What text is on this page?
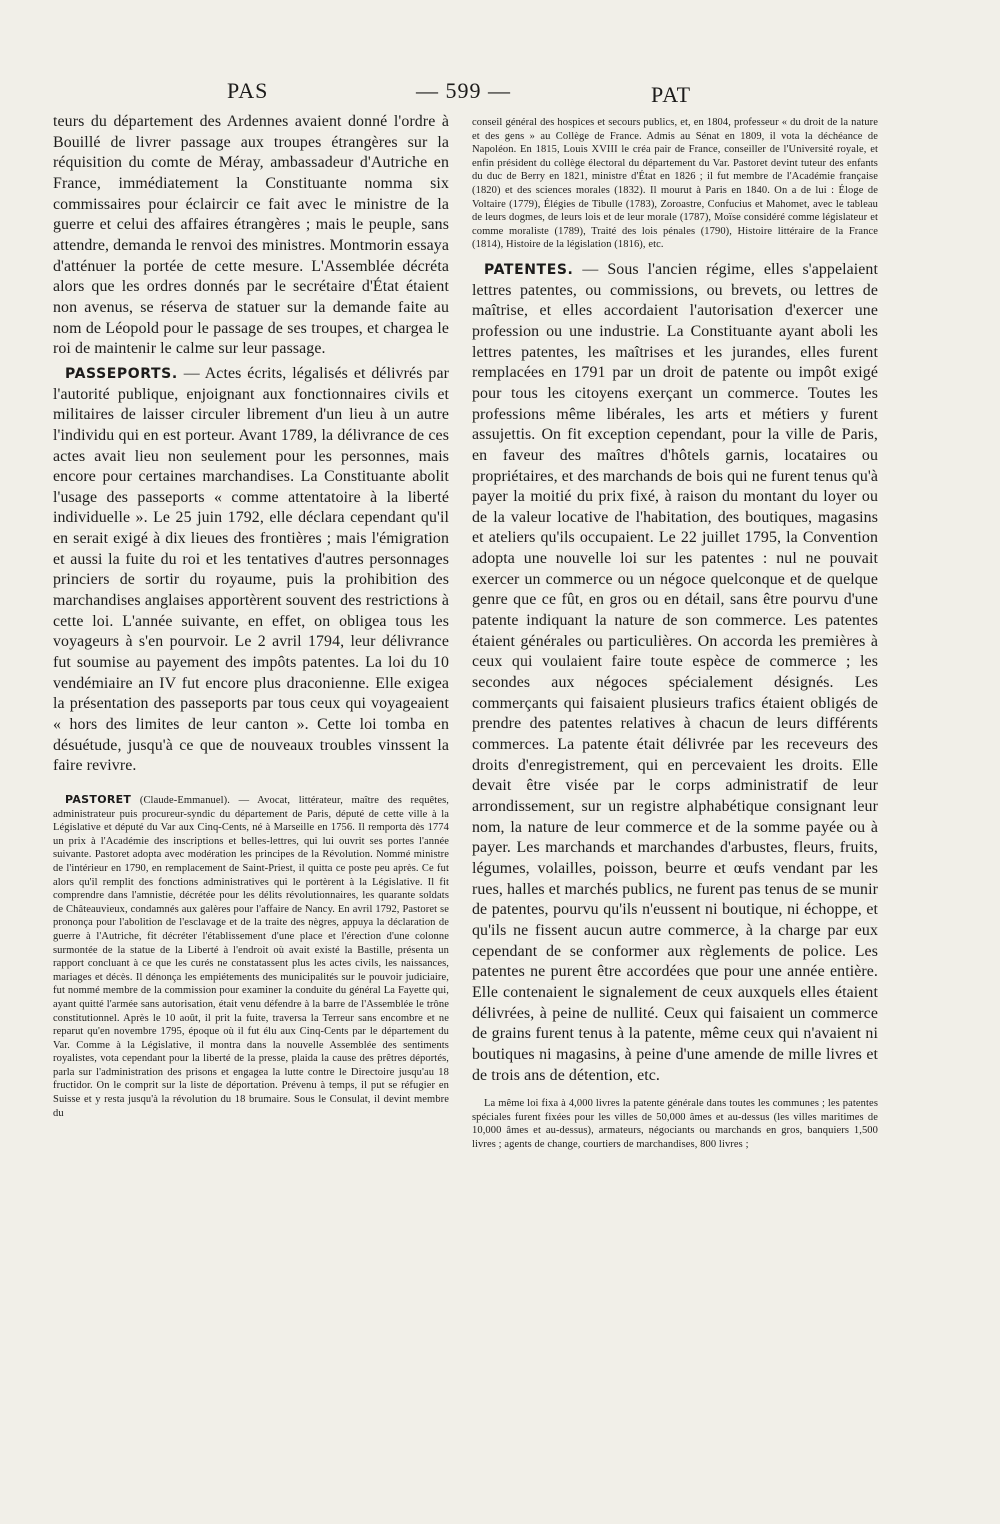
PAS	— 599 —	PAT

teurs du département des Ardennes avaient donné l'ordre à Bouillé de livrer passage aux troupes étrangères sur la réquisition du comte de Méray, ambassadeur d'Autriche en France, immédiatement la Constituante nomma six commissaires pour éclaircir ce fait avec le ministre de la guerre et celui des affaires étrangères ; mais le peuple, sans attendre, demanda le renvoi des ministres. Montmorin essaya d'atténuer la portée de cette mesure. L'Assemblée décréta alors que les ordres donnés par le secrétaire d'État étaient non avenus, se réserva de statuer sur la demande faite au nom de Léopold pour le passage de ses troupes, et chargea le roi de maintenir le calme sur leur passage.

PASSEPORTS. — Actes écrits, légalisés et délivrés par l'autorité publique, enjoignant aux fonctionnaires civils et militaires de laisser circuler librement d'un lieu à un autre l'individu qui en est porteur. Avant 1789, la délivrance de ces actes avait lieu non seulement pour les personnes, mais encore pour certaines marchandises. La Constituante abolit l'usage des passeports « comme attentatoire à la liberté individuelle ». Le 25 juin 1792, elle déclara cependant qu'il en serait exigé à dix lieues des frontières ; mais l'émigration et aussi la fuite du roi et les tentatives d'autres personnages princiers de sortir du royaume, puis la prohibition des marchandises anglaises apportèrent souvent des restrictions à cette loi. L'année suivante, en effet, on obligea tous les voyageurs à s'en pourvoir. Le 2 avril 1794, leur délivrance fut soumise au payement des impôts patentes. La loi du 10 vendémiaire an IV fut encore plus draconienne. Elle exigea la présentation des passeports par tous ceux qui voyageaient « hors des limites de leur canton ». Cette loi tomba en désuétude, jusqu'à ce que de nouveaux troubles vinssent la faire revivre.

PASTORET (Claude-Emmanuel). — Avocat, littérateur, maître des requêtes, administrateur puis procureur-syndic du département de Paris, député de cette ville à la Législative et député du Var aux Cinq-Cents, né à Marseille en 1756. Il remporta dès 1774 un prix à l'Académie des inscriptions et belles-lettres, qui lui ouvrit ses portes l'année suivante. Pastoret adopta avec modération les principes de la Révolution. Nommé ministre de l'intérieur en 1790, en remplacement de Saint-Priest, il quitta ce poste peu après. Ce fut alors qu'il remplit des fonctions administratives qui le portèrent à la Législative. Il fit comprendre dans l'amnistie, décrétée pour les délits révolutionnaires, les quarante soldats de Châteauvieux, condamnés aux galères pour l'affaire de Nancy. En avril 1792, Pastoret se prononça pour l'abolition de l'esclavage et de la traite des nègres, appuya la déclaration de guerre à l'Autriche, fit décréter l'établissement d'une place et l'érection d'une colonne surmontée de la statue de la Liberté à l'endroit où avait existé la Bastille, présenta un rapport concluant à ce que les curés ne constatassent plus les actes civils, les naissances, mariages et décès. Il dénonça les empiétements des municipalités sur le pouvoir judiciaire, fut nommé membre de la commission pour examiner la conduite du général La Fayette qui, ayant quitté l'armée sans autorisation, était venu défendre à la barre de l'Assemblée le trône constitutionnel. Après le 10 août, il prit la fuite, traversa la Terreur sans encombre et ne reparut qu'en novembre 1795, époque où il fut élu aux Cinq-Cents par le département du Var. Comme à la Législative, il montra dans la nouvelle Assemblée des sentiments royalistes, vota cependant pour la liberté de la presse, plaida la cause des prêtres déportés, parla sur l'administration des prisons et engagea la lutte contre le Directoire jusqu'au 18 fructidor. On le comprit sur la liste de déportation. Prévenu à temps, il put se réfugier en Suisse et y resta jusqu'à la révolution du 18 brumaire. Sous le Consulat, il devint membre du

conseil général des hospices et secours publics, et, en 1804, professeur « du droit de la nature et des gens » au Collège de France. Admis au Sénat en 1809, il vota la déchéance de Napoléon. En 1815, Louis XVIII le créa pair de France, conseiller de l'Université royale, et enfin président du collège électoral du département du Var. Pastoret devint tuteur des enfants du duc de Berry en 1821, ministre d'État en 1826 ; il fut membre de l'Académie française (1820) et des sciences morales (1832). Il mourut à Paris en 1840. On a de lui : Éloge de Voltaire (1779), Élégies de Tibulle (1783), Zoroastre, Confucius et Mahomet, avec le tableau de leurs dogmes, de leurs lois et de leur morale (1787), Moïse considéré comme législateur et comme moraliste (1789), Traité des lois pénales (1790), Histoire littéraire de la France (1814), Histoire de la législation (1816), etc.

PATENTES. — Sous l'ancien régime, elles s'appelaient lettres patentes, ou commissions, ou brevets, ou lettres de maîtrise, et elles accordaient l'autorisation d'exercer une profession ou une industrie. La Constituante ayant aboli les lettres patentes, les maîtrises et les jurandes, elles furent remplacées en 1791 par un droit de patente ou impôt exigé pour tous les citoyens exerçant un commerce. Toutes les professions même libérales, les arts et métiers y furent assujettis. On fit exception cependant, pour la ville de Paris, en faveur des maîtres d'hôtels garnis, locataires ou propriétaires, et des marchands de bois qui ne furent tenus qu'à payer la moitié du prix fixé, à raison du montant du loyer ou de la valeur locative de l'habitation, des boutiques, magasins et ateliers qu'ils occupaient. Le 22 juillet 1795, la Convention adopta une nouvelle loi sur les patentes : nul ne pouvait exercer un commerce ou un négoce quelconque et de quelque genre que ce fût, en gros ou en détail, sans être pourvu d'une patente indiquant la nature de son commerce. Les patentes étaient générales ou particulières. On accorda les premières à ceux qui voulaient faire toute espèce de commerce ; les secondes aux négoces spécialement désignés. Les commerçants qui faisaient plusieurs trafics étaient obligés de prendre des patentes relatives à chacun de leurs différents commerces. La patente était délivrée par les receveurs des droits d'enregistrement, qui en percevaient les droits. Elle devait être visée par le corps administratif de leur arrondissement, sur un registre alphabétique consignant leur nom, la nature de leur commerce et de la somme payée ou à payer. Les marchands et marchandes d'arbustes, fleurs, fruits, légumes, volailles, poisson, beurre et œufs vendant par les rues, halles et marchés publics, ne furent pas tenus de se munir de patentes, pourvu qu'ils n'eussent ni boutique, ni échoppe, et qu'ils ne fissent aucun autre commerce, à la charge par eux cependant de se conformer aux règlements de police. Les patentes ne purent être accordées que pour une année entière. Elle contenaient le signalement de ceux auxquels elles étaient délivrées, à peine de nullité. Ceux qui faisaient un commerce de grains furent tenus à la patente, même ceux qui n'avaient ni boutiques ni magasins, à peine d'une amende de mille livres et de trois ans de détention, etc.

La même loi fixa à 4,000 livres la patente générale dans toutes les communes ; les patentes spéciales furent fixées pour les villes de 50,000 âmes et au-dessus (les villes maritimes de 10,000 âmes et au-dessus), armateurs, négociants ou marchands en gros, banquiers 1,500 livres ; agents de change, courtiers de marchandises, 800 livres ;
